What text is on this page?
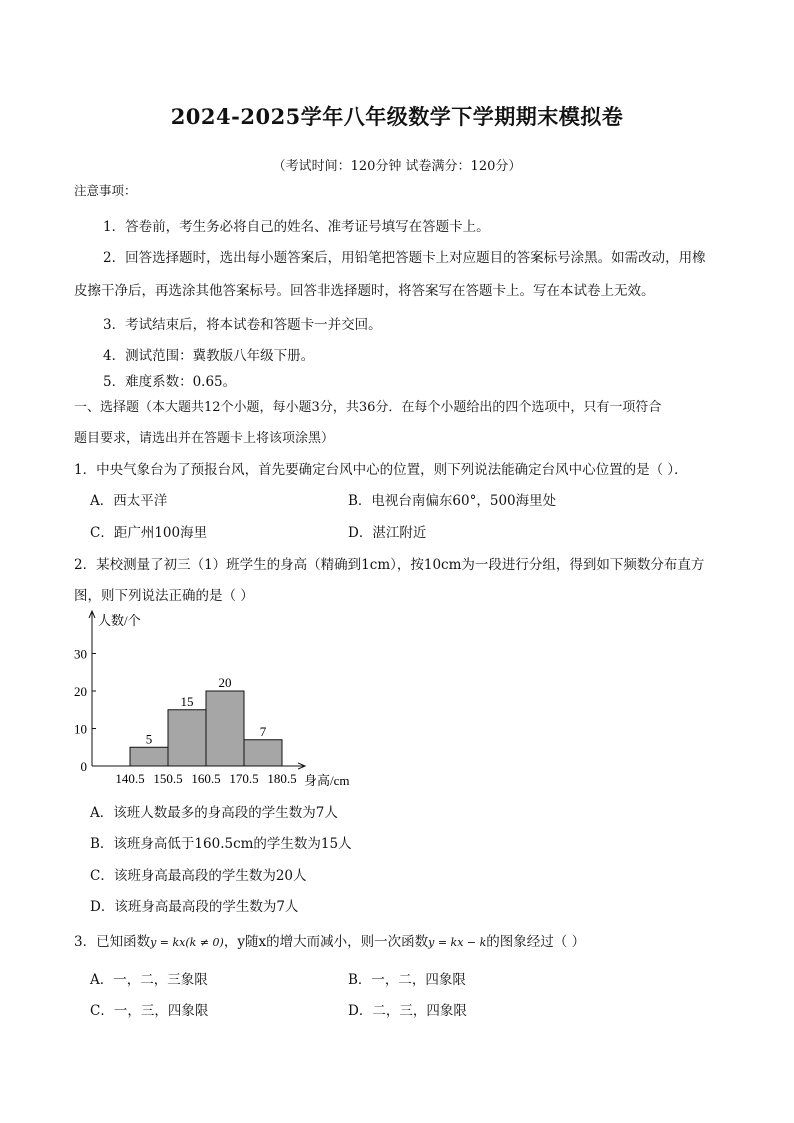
2024-2025学年八年级数学下学期期末模拟卷
（考试时间：120分钟 试卷满分：120分）
注意事项：
1．答卷前，考生务必将自己的姓名、准考证号填写在答题卡上。
2．回答选择题时，选出每小题答案后，用铅笔把答题卡上对应题目的答案标号涂黑。如需改动，用橡
皮擦干净后，再选涂其他答案标号。回答非选择题时，将答案写在答题卡上。写在本试卷上无效。
3．考试结束后，将本试卷和答题卡一并交回。
4．测试范围：冀教版八年级下册。
5．难度系数：0.65。
一、选择题（本大题共12个小题，每小题3分，共36分．在每个小题给出的四个选项中，只有一项符合
题目要求，请选出并在答题卡上将该项涂黑）
1．中央气象台为了预报台风，首先要确定台风中心的位置，则下列说法能确定台风中心位置的是（ ）．
A．西太平洋	B．电视台南偏东60°，500海里处
C．距广州100海里	D．湛江附近
2．某校测量了初三（1）班学生的身高（精确到1cm），按10cm为一段进行分组，得到如下频数分布直方
图，则下列说法正确的是（ ）
人数/个
身高/cm
0
10
20
30
140.5 150.5 160.5 170.5 180.5
5
15
20
7
A．该班人数最多的身高段的学生数为7人
B．该班身高低于160.5cm的学生数为15人
C．该班身高最高段的学生数为20人
D．该班身高最高段的学生数为7人
3．已知函数y = kx(k ≠ 0)，y随x的增大而减小，则一次函数y = kx − k的图象经过（ ）
A．一，二，三象限	B．一，二，四象限
C．一，三，四象限	D．二，三，四象限
